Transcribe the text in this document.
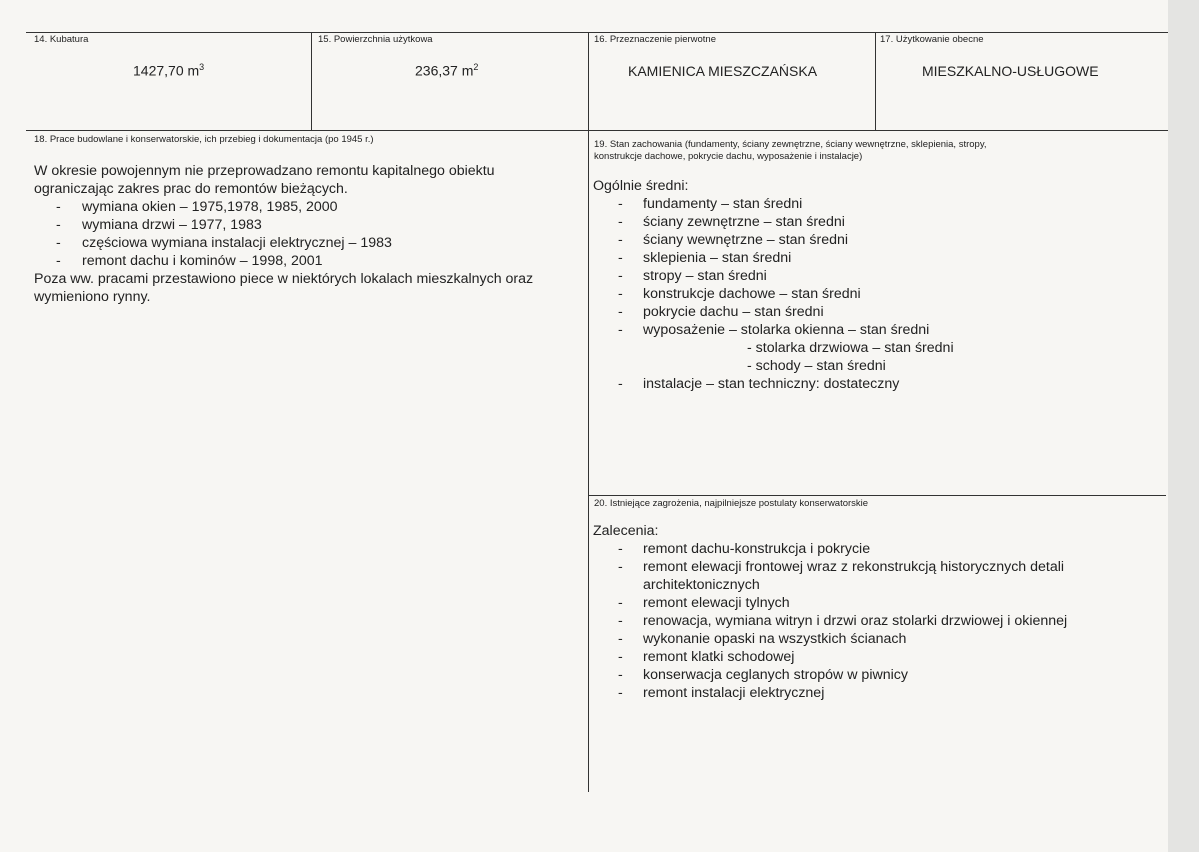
14. Kubatura
1427,70 $m^3$
15. Powierzchnia użytkowa
236,37 $m^2$
16. Przeznaczenie pierwotne
KAMIENICA MIESZCZAŃSKA
17. Użytkowanie obecne
MIESZKALNO-USŁUGOWE
18. Prace budowlane i konserwatorskie, ich przebieg i dokumentacja (po 1945 r.)

W okresie powojennym nie przeprowadzano remontu kapitalnego obiektu

ograniczając zakres prac do remontów bieżących.

- wymiana okien – 1975,1978, 1985, 2000
- wymiana drzwi – 1977, 1983
- częściowa wymiana instalacji elektrycznej – 1983
- remont dachu i kominów – 1998, 2001

Poza ww. pracami przestawiono piece w niektórych lokalach mieszkalnych oraz

wymieniono rynny.

19. Stan zachowania (fundamenty, ściany zewnętrzne, ściany wewnętrzne, sklepienia, stropy,
konstrukcje dachowe, pokrycie dachu, wyposażenie i instalacje)

Ogólnie średni:

- fundamenty – stan średni
- ściany zewnętrzne – stan średni
- ściany wewnętrzne – stan średni
- sklepienia – stan średni
- stropy – stan średni
- konstrukcje dachowe – stan średni
- pokrycie dachu – stan średni
- wyposażenie – stolarka okienna – stan średni
- stolarka drzwiowa – stan średni
- schody – stan średni
- instalacje – stan techniczny: dostateczny
20. Istniejące zagrożenia, najpilniejsze postulaty konserwatorskie

Zalecenia:

- remont dachu-konstrukcja i pokrycie
- remont elewacji frontowej wraz z rekonstrukcją historycznych detali architektonicznych
- remont elewacji tylnych
- renowacja, wymiana witryn i drzwi oraz stolarki drzwiowej i okiennej
- wykonanie opaski na wszystkich ścianach
- remont klatki schodowej
- konserwacja ceglanych stropów w piwnicy
- remont instalacji elektrycznej
